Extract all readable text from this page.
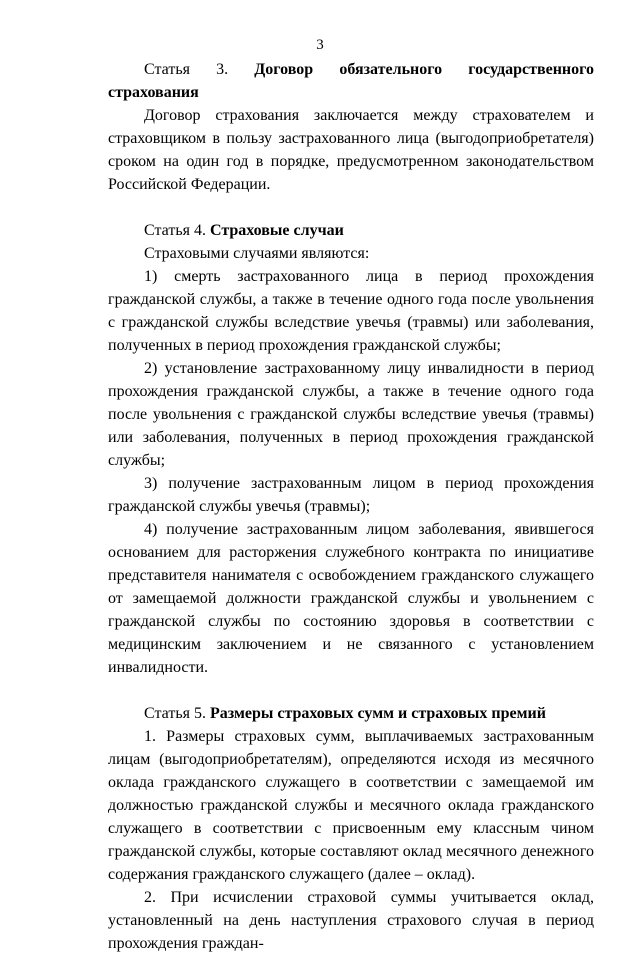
3

Статья 3. Договор обязательного государственного страхования

Договор страхования заключается между страхователем и страховщиком в пользу застрахованного лица (выгодоприобретателя) сроком на один год в порядке, предусмотренном законодательством Российской Федерации.

Статья 4. Страховые случаи

Страховыми случаями являются:

1) смерть застрахованного лица в период прохождения гражданской службы, а также в течение одного года после увольнения с гражданской службы вследствие увечья (травмы) или заболевания, полученных в период прохождения гражданской службы;

2) установление застрахованному лицу инвалидности в период прохождения гражданской службы, а также в течение одного года после увольнения с гражданской службы вследствие увечья (травмы) или заболевания, полученных в период прохождения гражданской службы;

3) получение застрахованным лицом в период прохождения гражданской службы увечья (травмы);

4) получение застрахованным лицом заболевания, явившегося основанием для расторжения служебного контракта по инициативе представителя нанимателя с освобождением гражданского служащего от замещаемой должности гражданской службы и увольнением с гражданской службы по состоянию здоровья в соответствии с медицинским заключением и не связанного с установлением инвалидности.

Статья 5. Размеры страховых сумм и страховых премий

1. Размеры страховых сумм, выплачиваемых застрахованным лицам (выгодоприобретателям), определяются исходя из месячного оклада гражданского служащего в соответствии с замещаемой им должностью гражданской службы и месячного оклада гражданского служащего в соответствии с присвоенным ему классным чином гражданской службы, которые составляют оклад месячного денежного содержания гражданского служащего (далее – оклад).

2. При исчислении страховой суммы учитывается оклад, установленный на день наступления страхового случая в период прохождения граждан-
